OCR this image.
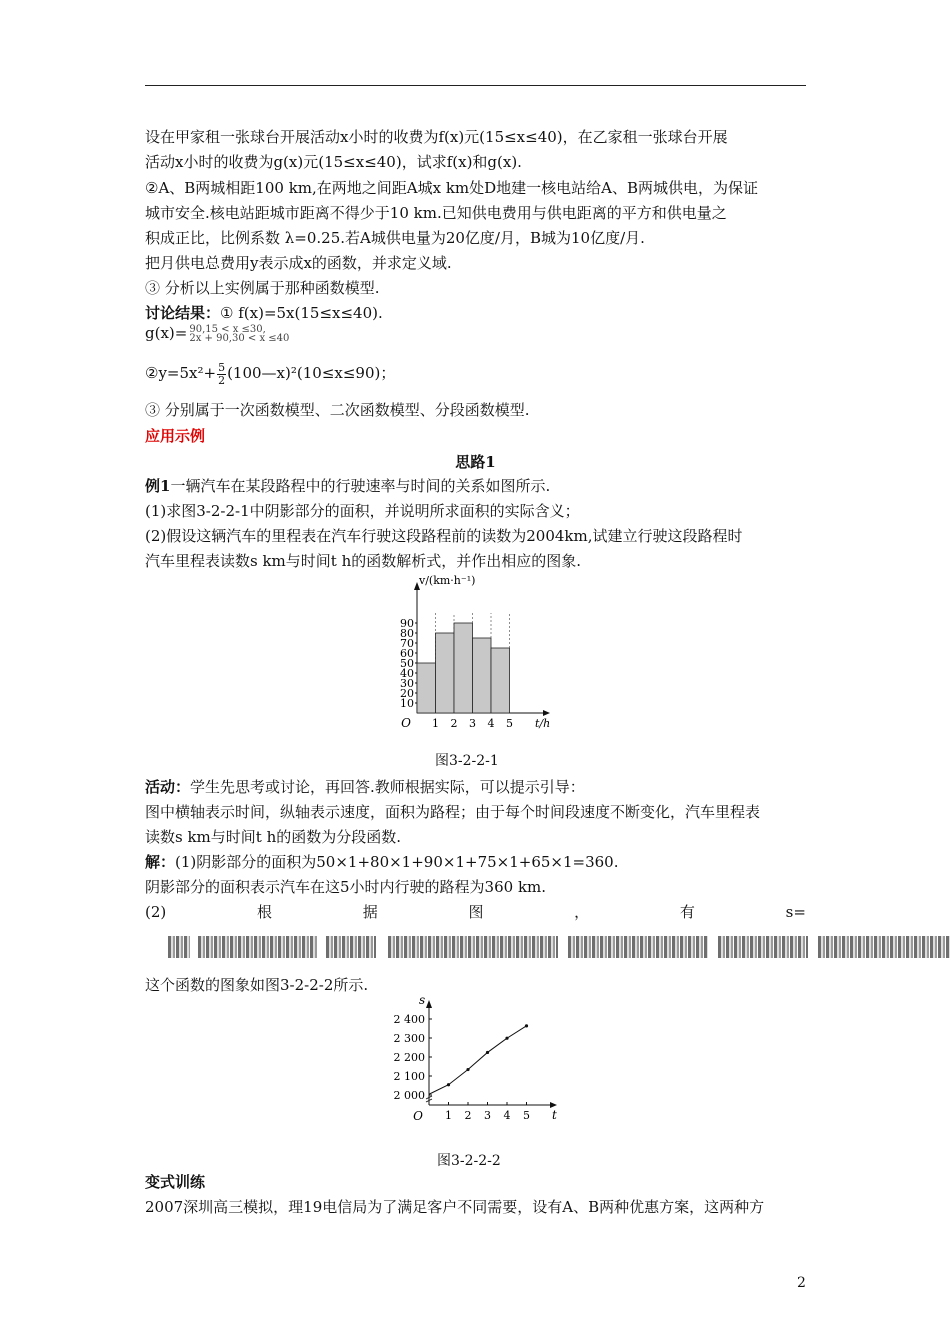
设在甲家租一张球台开展活动x小时的收费为f(x)元(15≤x≤40)，在乙家租一张球台开展
活动x小时的收费为g(x)元(15≤x≤40)，试求f(x)和g(x).
②A、B两城相距100 km,在两地之间距A城x km处D地建一核电站给A、B两城供电，为保证
城市安全.核电站距城市距离不得少于10 km.已知供电费用与供电距离的平方和供电量之
积成正比，比例系数 λ=0.25.若A城供电量为20亿度/月，B城为10亿度/月.
把月供电总费用y表示成x的函数，并求定义域.
③ 分析以上实例属于那种函数模型.
讨论结果：① f(x)=5x(15≤x≤40).
g(x)= 90,15 < x ≤30,
2x + 90,30 < x ≤40
②y=5x²+ $\frac{5}{2}$ (100—x)²(10≤x≤90)；
③ 分别属于一次函数模型、二次函数模型、分段函数模型.
应用示例
思路1
例1一辆汽车在某段路程中的行驶速率与时间的关系如图所示.
(1)求图3-2-2-1中阴影部分的面积，并说明所求面积的实际含义；
(2)假设这辆汽车的里程表在汽车行驶这段路程前的读数为2004km,试建立行驶这段路程时
汽车里程表读数s km与时间t h的函数解析式，并作出相应的图象.
10
20
30
40
50
60
70
80
90
1 2 3 4 5
O
v/(km·h⁻¹)
t/h
图3-2-2-1
活动：学生先思考或讨论，再回答.教师根据实际，可以提示引导：
图中横轴表示时间，纵轴表示速度，面积为路程；由于每个时间段速度不断变化，汽车里程表
读数s km与时间t h的函数为分段函数.
解：(1)阴影部分的面积为50×1+80×1+90×1+75×1+65×1=360.
阴影部分的面积表示汽车在这5小时内行驶的路程为360 km.
(2)	根	据	图	，	有	s=
这个函数的图象如图3-2-2-2所示.
2 000
2 100
2 200
2 300
2 400
1 2 3 4 5
O
s
t
图3-2-2-2
变式训练
2007深圳高三模拟，理19电信局为了满足客户不同需要，设有A、B两种优惠方案，这两种方
2
